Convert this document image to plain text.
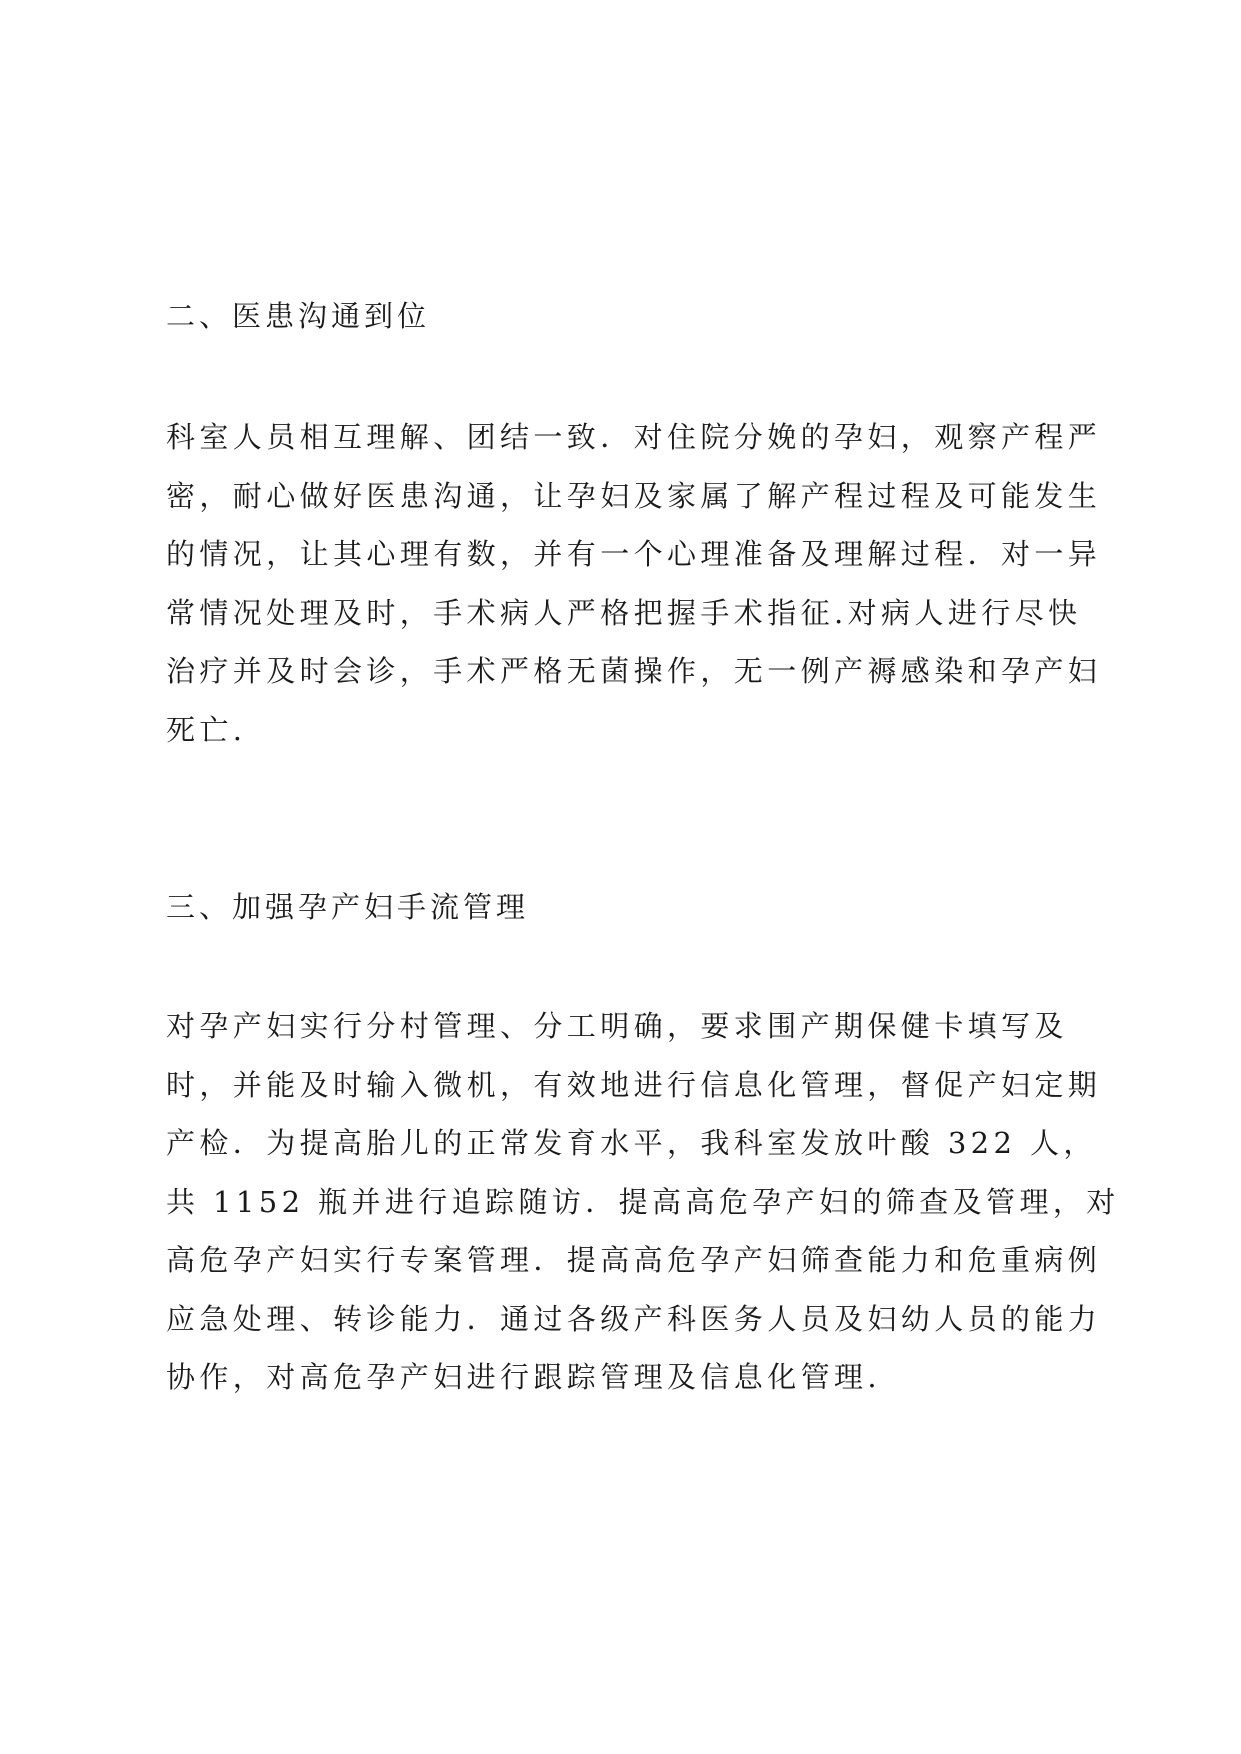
二、医患沟通到位
科室人员相互理解、团结一致．对住院分娩的孕妇，观察产程严
密，耐心做好医患沟通，让孕妇及家属了解产程过程及可能发生
的情况，让其心理有数，并有一个心理准备及理解过程．对一异
常情况处理及时，手术病人严格把握手术指征.对病人进行尽快
治疗并及时会诊，手术严格无菌操作，无一例产褥感染和孕产妇
死亡.
三、加强孕产妇手流管理
对孕产妇实行分村管理、分工明确，要求围产期保健卡填写及
时，并能及时输入微机，有效地进行信息化管理，督促产妇定期
产检．为提高胎儿的正常发育水平，我科室发放叶酸 322 人，
共 1152 瓶并进行追踪随访．提高高危孕产妇的筛查及管理，对
高危孕产妇实行专案管理．提高高危孕产妇筛查能力和危重病例
应急处理、转诊能力．通过各级产科医务人员及妇幼人员的能力
协作，对高危孕产妇进行跟踪管理及信息化管理.
